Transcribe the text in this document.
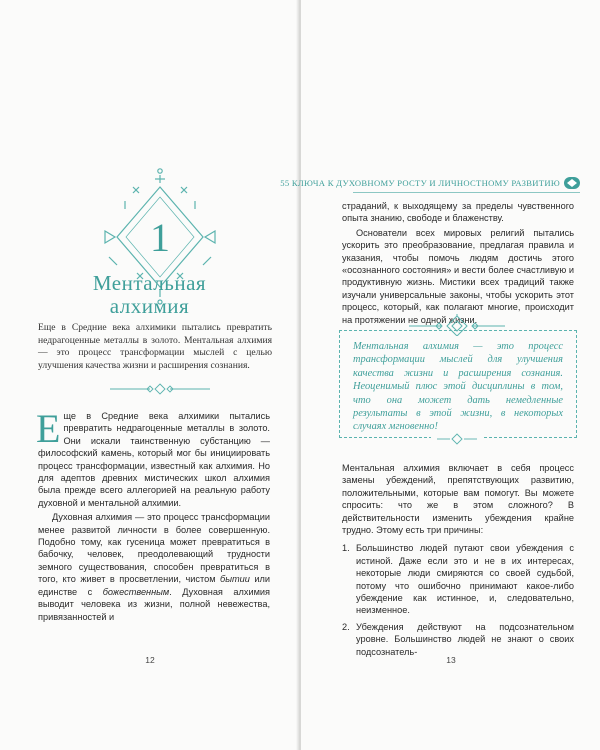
1
Ментальная
алхимия

Еще в Средние века алхимики пытались превратить недрагоценные металлы в золото. Ментальная алхимия — это процесс трансформации мыслей с целью улучшения качества жизни и расширения сознания.

Еще в Средние века алхимики пытались превратить недрагоценные металлы в золото. Они искали таинственную субстанцию — философский камень, который мог бы инициировать процесс трансформации, известный как алхимия. Но для адептов древних мистических школ алхимия была прежде всего аллегорией на реальную работу духовной и ментальной алхимии.

Духовная алхимия — это процесс трансформации менее развитой личности в более совершенную. Подобно тому, как гусеница может превратиться в бабочку, человек, преодолевающий трудности земного существования, способен превратиться в того, кто живет в просветлении, чистом бытии или единстве с божественным. Духовная алхимия выводит человека из жизни, полной невежества, привязанностей и

12
55 КЛЮЧА К ДУХОВНОМУ РОСТУ И ЛИЧНОСТНОМУ РАЗВИТИЮ

страданий, к выходящему за пределы чувственного опыта знанию, свободе и блаженству.

Основатели всех мировых религий пытались ускорить это преобразование, предлагая правила и указания, чтобы помочь людям достичь этого «осознанного состояния» и вести более счастливую и продуктивную жизнь. Мистики всех традиций также изучали универсальные законы, чтобы ускорить этот процесс, который, как полагают многие, происходит на протяжении не одной жизни.

Ментальная алхимия — это процесс трансформации мыслей для улучшения качества жизни и расширения сознания. Неоценимый плюс этой дисциплины в том, что она может дать немедленные результаты в этой жизни, в некоторых случаях мгновенно!

Ментальная алхимия включает в себя процесс замены убеждений, препятствующих развитию, положительными, которые вам помогут. Вы можете спросить: что же в этом сложного? В действительности изменить убеждения крайне трудно. Этому есть три причины:

1. Большинство людей путают свои убеждения с истиной. Даже если это и не в их интересах, некоторые люди смиряются со своей судьбой, потому что ошибочно принимают какое-либо убеждение как истинное, и, следовательно, неизменное.
2. Убеждения действуют на подсознательном уровне. Большинство людей не знают о своих подсознатель-
13
